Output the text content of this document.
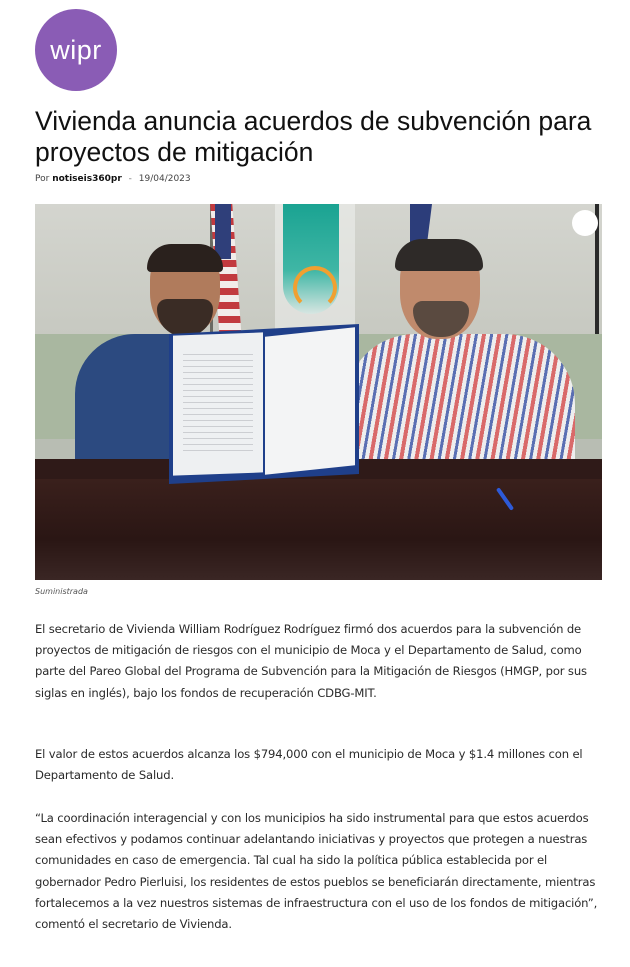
wipr
Vivienda anuncia acuerdos de subvención para proyectos de mitigación
Por notiseis360pr - 19/04/2023
Suministrada

El secretario de Vivienda William Rodríguez Rodríguez firmó dos acuerdos para la subvención de proyectos de mitigación de riesgos con el municipio de Moca y el Departamento de Salud, como parte del Pareo Global del Programa de Subvención para la Mitigación de Riesgos (HMGP, por sus siglas en inglés), bajo los fondos de recuperación CDBG-MIT.

El valor de estos acuerdos alcanza los $794,000 con el municipio de Moca y $1.4 millones con el Departamento de Salud.

“La coordinación interagencial y con los municipios ha sido instrumental para que estos acuerdos sean efectivos y podamos continuar adelantando iniciativas y proyectos que protegen a nuestras comunidades en caso de emergencia. Tal cual ha sido la política pública establecida por el gobernador Pedro Pierluisi, los residentes de estos pueblos se beneficiarán directamente, mientras fortalecemos a la vez nuestros sistemas de infraestructura con el uso de los fondos de mitigación”, comentó el secretario de Vivienda.
